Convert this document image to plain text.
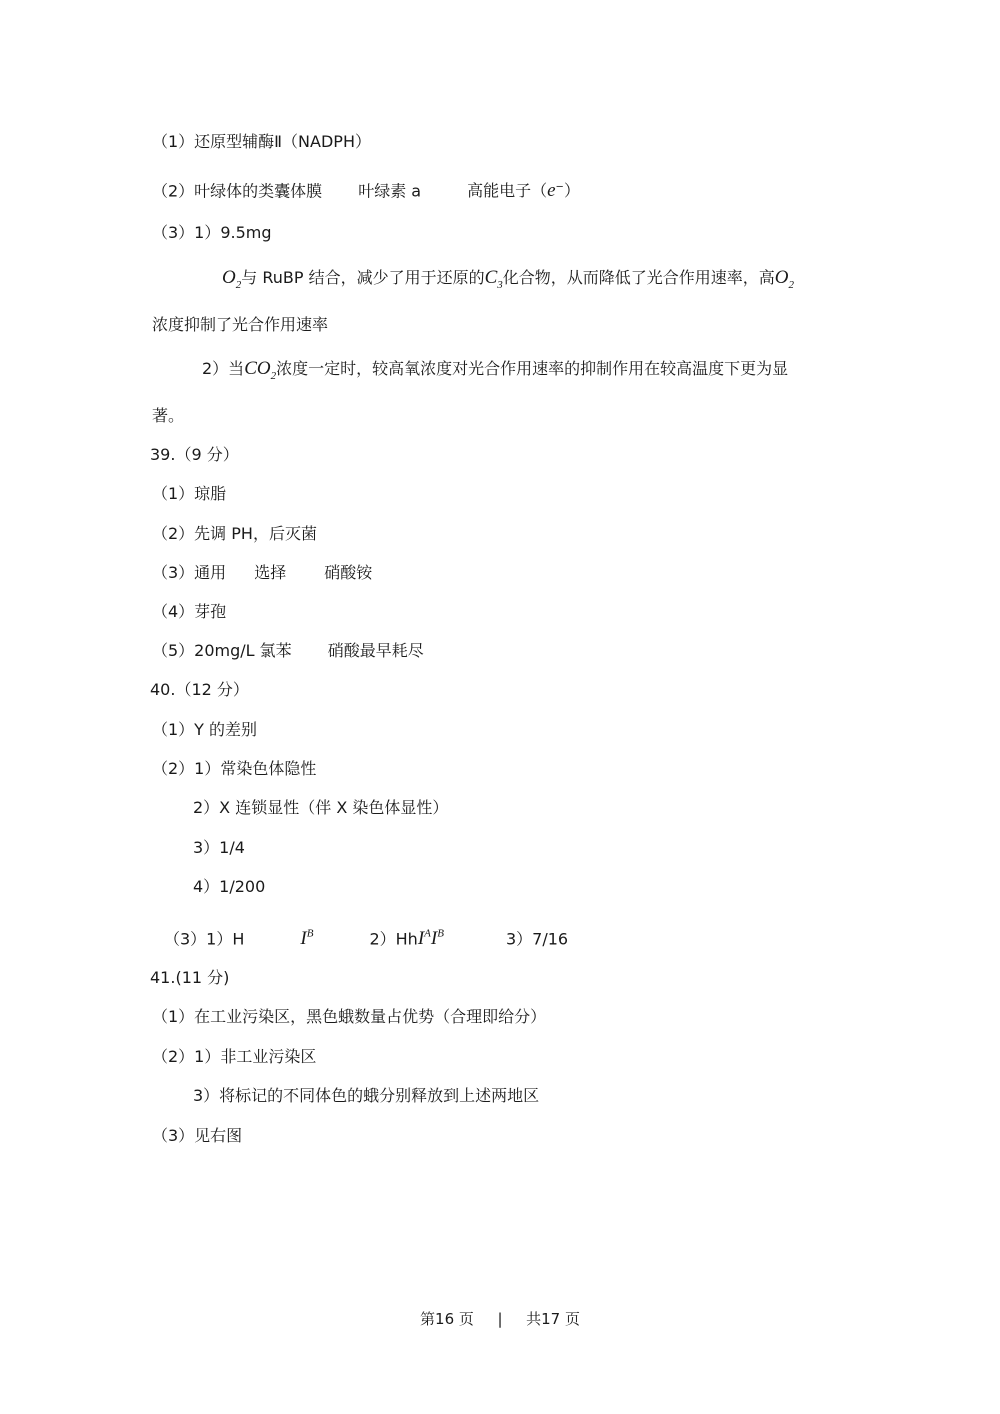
（1）还原型辅酶Ⅱ（NADPH）
（2）叶绿体的类囊体膜 叶绿素 a	高能电子（e−）
（3）1）9.5mg
$O_2$与 RuBP 结合，减少了用于还原的$C_3$化合物，从而降低了光合作用速率，高$O_2$
浓度抑制了光合作用速率
2）当$CO_2$浓度一定时，较高氧浓度对光合作用速率的抑制作用在较高温度下更为显
著。
39.（9 分）
（1）琼脂
（2）先调 PH，后灭菌
（3）通用 选择 硝酸铵
（4）芽孢
（5）20mg/L 氯苯 硝酸最早耗尽
40.（12 分）
（1）Y 的差别
（2）1）常染色体隐性
2）X 连锁显性（伴 X 染色体显性）
3）1/4
4）1/200
（3）1）H	$I^B$	$2)HhI^AI^B$	3）7/16
41.(11 分)
（1）在工业污染区，黑色蛾数量占优势（合理即给分）
（2）1）非工业污染区
3）将标记的不同体色的蛾分别释放到上述两地区
（3）见右图
第16 页 | 共17 页
